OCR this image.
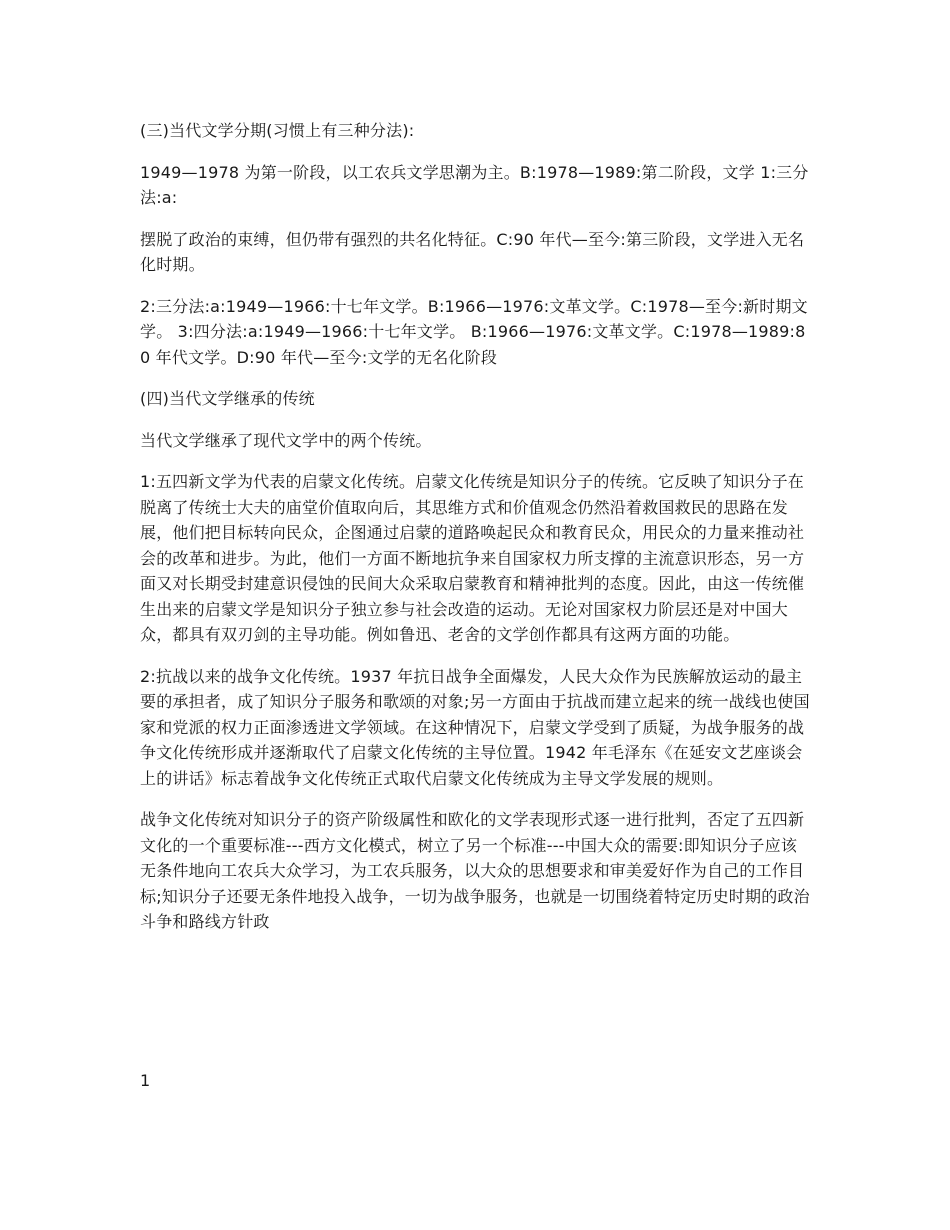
(三)当代文学分期(习惯上有三种分法):

1949—1978 为第一阶段，以工农兵文学思潮为主。B:1978—1989:第二阶段，文学 1:三分法:a:

摆脱了政治的束缚，但仍带有强烈的共名化特征。C:90 年代—至今:第三阶段，文学进入无名化时期。

2:三分法:a:1949—1966:十七年文学。B:1966—1976:文革文学。C:1978—至今:新时期文学。 3:四分法:a:1949—1966:十七年文学。 B:1966—1976:文革文学。C:1978—1989:80 年代文学。D:90 年代—至今:文学的无名化阶段

(四)当代文学继承的传统

当代文学继承了现代文学中的两个传统。

1:五四新文学为代表的启蒙文化传统。启蒙文化传统是知识分子的传统。它反映了知识分子在脱离了传统士大夫的庙堂价值取向后，其思维方式和价值观念仍然沿着救国救民的思路在发展，他们把目标转向民众，企图通过启蒙的道路唤起民众和教育民众，用民众的力量来推动社会的改革和进步。为此，他们一方面不断地抗争来自国家权力所支撑的主流意识形态，另一方面又对长期受封建意识侵蚀的民间大众采取启蒙教育和精神批判的态度。因此，由这一传统催生出来的启蒙文学是知识分子独立参与社会改造的运动。无论对国家权力阶层还是对中国大众，都具有双刃剑的主导功能。例如鲁迅、老舍的文学创作都具有这两方面的功能。

2:抗战以来的战争文化传统。1937 年抗日战争全面爆发，人民大众作为民族解放运动的最主要的承担者，成了知识分子服务和歌颂的对象;另一方面由于抗战而建立起来的统一战线也使国家和党派的权力正面渗透进文学领域。在这种情况下，启蒙文学受到了质疑，为战争服务的战争文化传统形成并逐渐取代了启蒙文化传统的主导位置。1942 年毛泽东《在延安文艺座谈会上的讲话》标志着战争文化传统正式取代启蒙文化传统成为主导文学发展的规则。

战争文化传统对知识分子的资产阶级属性和欧化的文学表现形式逐一进行批判，否定了五四新文化的一个重要标准---西方文化模式，树立了另一个标准---中国大众的需要:即知识分子应该无条件地向工农兵大众学习，为工农兵服务，以大众的思想要求和审美爱好作为自己的工作目标;知识分子还要无条件地投入战争，一切为战争服务，也就是一切围绕着特定历史时期的政治斗争和路线方针政

1
